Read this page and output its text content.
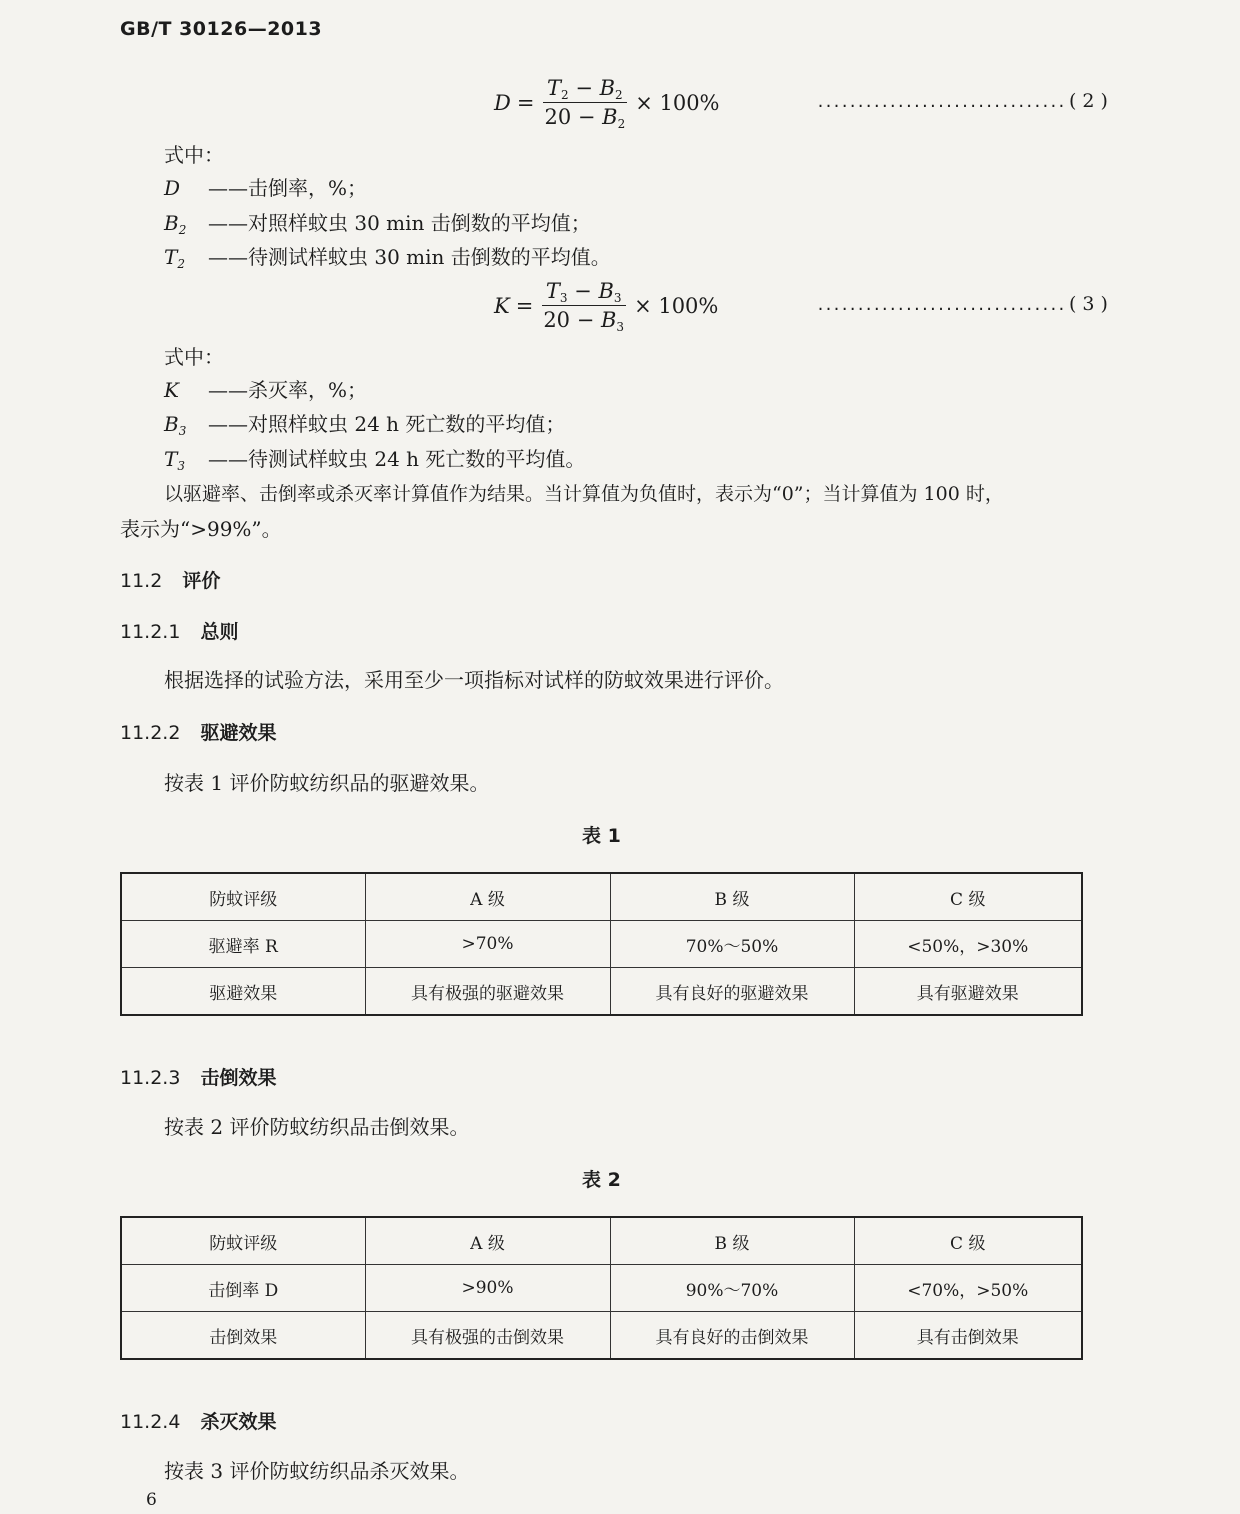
GB/T 30126—2013
$D = \frac{T_2 - B_2}{20 - B_2} \times 100\%$	............................... ( 2 )
式中：
D ——击倒率，%；
$B_2$ ——对照样蚊虫 30 min 击倒数的平均值；
$T_2$ ——待测试样蚊虫 30 min 击倒数的平均值。
$K = \frac{T_3 - B_3}{20 - B_3} \times 100\%$	............................... ( 3 )
式中：
K ——杀灭率，%；
$B_3$ ——对照样蚊虫 24 h 死亡数的平均值；
$T_3$ ——待测试样蚊虫 24 h 死亡数的平均值。
以驱避率、击倒率或杀灭率计算值作为结果。当计算值为负值时，表示为“0”；当计算值为 100 时，
表示为“>99%”。
11.2 评价
11.2.1 总则
根据选择的试验方法，采用至少一项指标对试样的防蚊效果进行评价。
11.2.2 驱避效果
按表 1 评价防蚊纺织品的驱避效果。
表 1
防蚊评级	A 级	B 级	C 级
驱避率 R	>70%	70%～50%	<50%，>30%
驱避效果	具有极强的驱避效果	具有良好的驱避效果	具有驱避效果
11.2.3 击倒效果
按表 2 评价防蚊纺织品击倒效果。
表 2
防蚊评级	A 级	B 级	C 级
击倒率 D	>90%	90%～70%	<70%，>50%
击倒效果	具有极强的击倒效果	具有良好的击倒效果	具有击倒效果
11.2.4 杀灭效果
按表 3 评价防蚊纺织品杀灭效果。
6
